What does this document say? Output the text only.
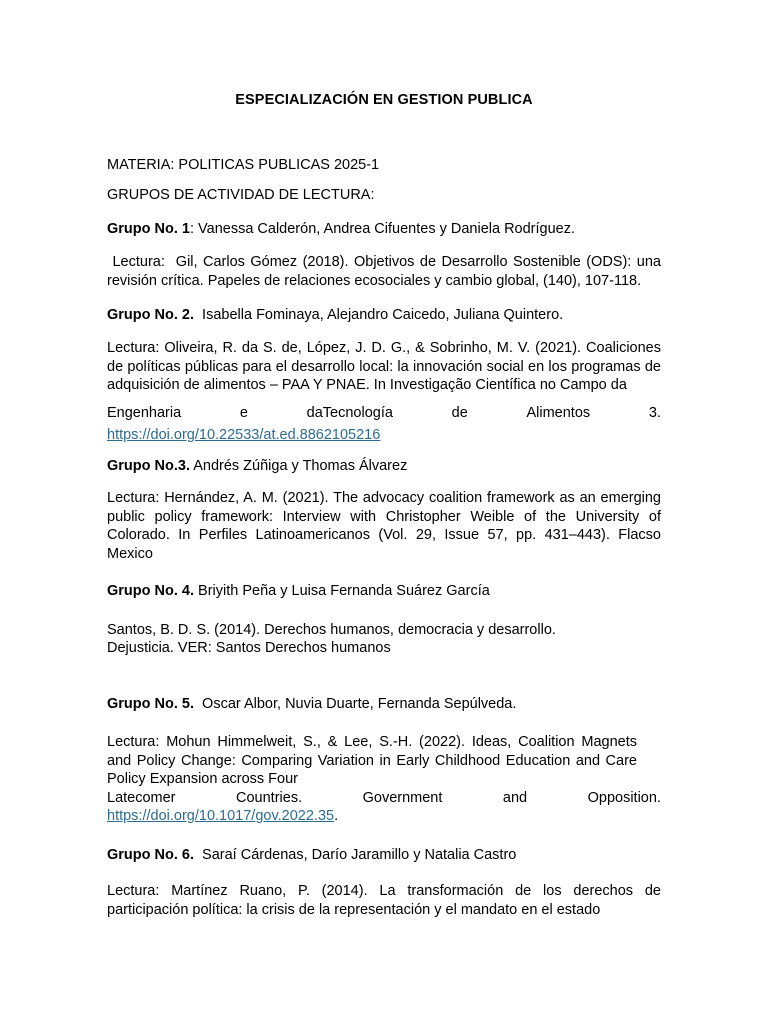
ESPECIALIZACIÓN EN GESTION PUBLICA
MATERIA: POLITICAS PUBLICAS 2025-1
GRUPOS DE ACTIVIDAD DE LECTURA:
Grupo No. 1: Vanessa Calderón, Andrea Cifuentes y Daniela Rodríguez.
Lectura:  Gil, Carlos Gómez (2018). Objetivos de Desarrollo Sostenible (ODS): una revisión crítica. Papeles de relaciones ecosociales y cambio global, (140), 107-118.
Grupo No. 2.  Isabella Fominaya, Alejandro Caicedo, Juliana Quintero.
Lectura: Oliveira, R. da S. de, López, J. D. G., & Sobrinho, M. V. (2021). Coaliciones de políticas públicas para el desarrollo local: la innovación social en los programas de adquisición de alimentos – PAA Y PNAE. In Investigação Científica no Campo da
Engenharia	e	daTecnología	de	Alimentos	3.
https://doi.org/10.22533/at.ed.8862105216
Grupo No.3. Andrés Zúñiga y Thomas Álvarez
Lectura: Hernández, A. M. (2021). The advocacy coalition framework as an emerging public policy framework: Interview with Christopher Weible of the University of Colorado. In Perfiles Latinoamericanos (Vol. 29, Issue 57, pp. 431–443). Flacso Mexico
Grupo No. 4. Briyith Peña y Luisa Fernanda Suárez García
Santos, B. D. S. (2014). Derechos humanos, democracia y desarrollo.
Dejusticia. VER: Santos Derechos humanos
Grupo No. 5.  Oscar Albor, Nuvia Duarte, Fernanda Sepúlveda.
Lectura: Mohun Himmelweit, S., & Lee, S.-H. (2022). Ideas, Coalition Magnets and Policy Change: Comparing Variation in Early Childhood Education and Care Policy Expansion across Four
Latecomer	Countries.	Government	and	Opposition.
https://doi.org/10.1017/gov.2022.35.
Grupo No. 6.  Saraí Cárdenas, Darío Jaramillo y Natalia Castro
Lectura: Martínez Ruano, P. (2014). La transformación de los derechos de participación política: la crisis de la representación y el mandato en el estado
